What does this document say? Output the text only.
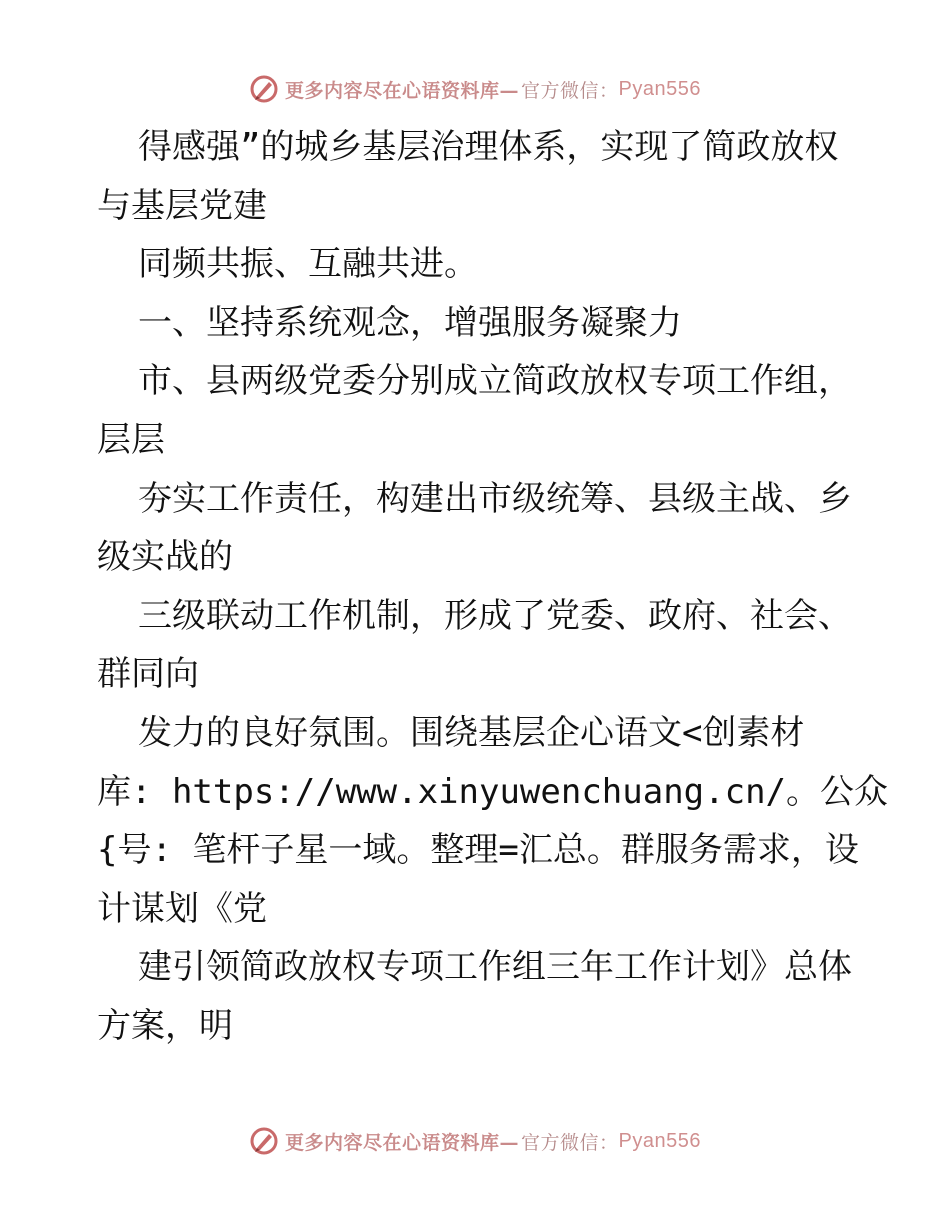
更多内容尽在心语资料库— 官方微信： Pyan556
得感强”的城乡基层治理体系，实现了简政放权
与基层党建
同频共振、互融共进。
一、坚持系统观念，增强服务凝聚力
市、县两级党委分别成立简政放权专项工作组，
层层
夯实工作责任，构建出市级统筹、县级主战、乡
级实战的
三级联动工作机制，形成了党委、政府、社会、
群同向
发力的良好氛围。围绕基层企心语文<创素材
库: https://www.xinyuwenchuang.cn/。公众
{号: 笔杆子星一域。整理=汇总。群服务需求，设
计谋划《党
建引领简政放权专项工作组三年工作计划》总体
方案，明
更多内容尽在心语资料库— 官方微信： Pyan556
